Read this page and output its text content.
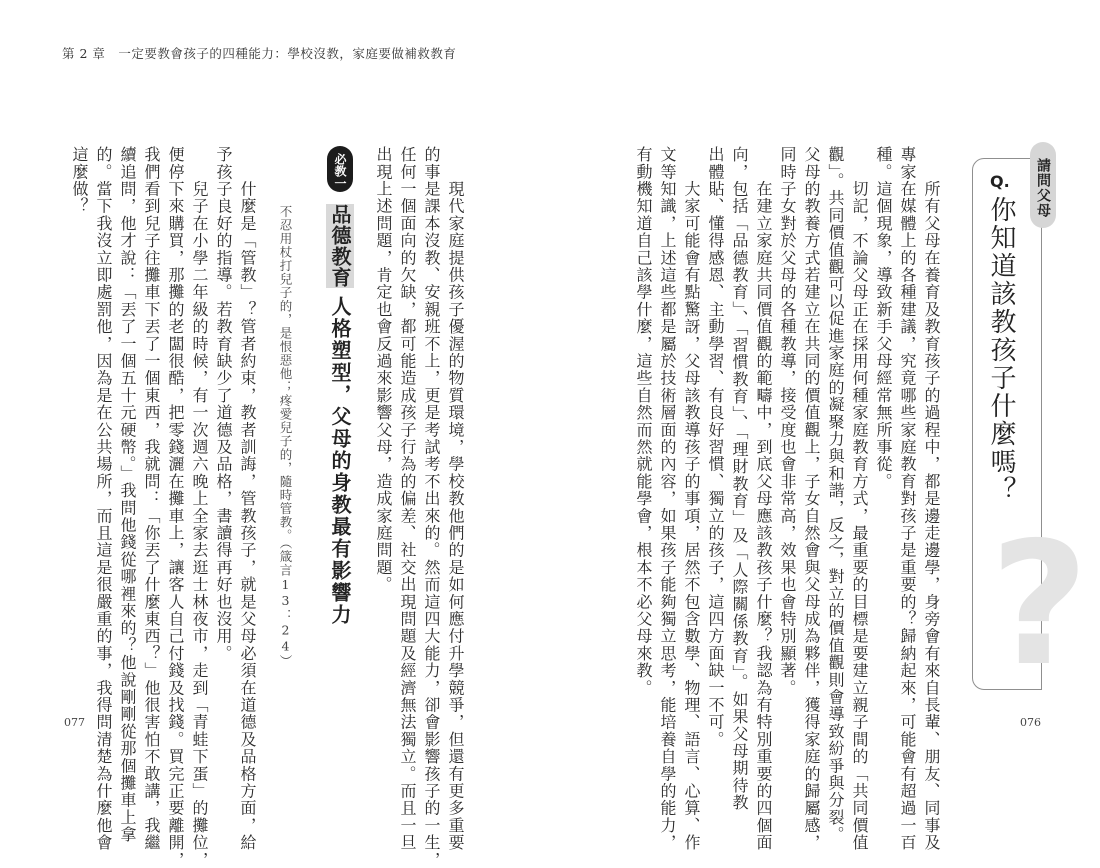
第 2 章　一定要教會孩子的四種能力：學校沒教，家庭要做補救教育
?
請問父母
Q.
你知道該教孩子什麼嗎？
　　所有父母在養育及教育孩子的過程中，都是邊走邊學，身旁會有來自長輩、朋友、同事及
專家在媒體上的各種建議，究竟哪些家庭教育對孩子是重要的？歸納起來，可能會有超過一百
種。這個現象，導致新手父母經常無所事從。
　　切記，不論父母正在採用何種家庭教育方式，最重要的目標是要建立親子間的「共同價值
觀」。共同價值觀可以促進家庭的凝聚力與和諧，反之，對立的價值觀則會導致紛爭與分裂。
父母的教養方式若建立在共同的價值觀上，子女自然會與父母成為夥伴，獲得家庭的歸屬感，
同時子女對於父母的各種教導，接受度也會非常高，效果也會特別顯著。
　　在建立家庭共同價值觀的範疇中，到底父母應該教孩子什麼？我認為有特別重要的四個面
向，包括「品德教育」、「習慣教育」、「理財教育」及「人際關係教育」。如果父母期待教
出體貼、懂得感恩、主動學習、有良好習慣、獨立的孩子，這四方面缺一不可。
　　大家可能會有點驚訝，父母該教導孩子的事項，居然不包含數學、物理、語言、心算、作
文等知識，上述這些都是屬於技術層面的內容，如果孩子能夠獨立思考，能培養自學的能力，
有動機知道自己該學什麼，這些自然而然就能學會，根本不必父母來教。
076
　　現代家庭提供孩子優渥的物質環境，學校教他們的是如何應付升學競爭，但還有更多重要
的事是課本沒教、安親班不上，更是考試考不出來的。然而這四大能力，卻會影響孩子的一生，
任何一個面向的欠缺，都可能造成孩子行為的偏差、社交出現問題及經濟無法獨立。而且一旦
出現上述問題，肯定也會反過來影響父母，造成家庭問題。
必教一
品德教育
人格塑型，父母的身教最有影響力
不忍用杖打兒子的，是恨惡他；疼愛兒子的，隨時管教。（箴言13：24）
　　什麼是「管教」？管者約束，教者訓誨，管教孩子，就是父母必須在道德及品格方面，給
予孩子良好的指導。若教育缺少了道德及品格，書讀得再好也沒用。
　　兒子在小學二年級的時候，有一次週六晚上全家去逛士林夜市，走到「青蛙下蛋」的攤位，
便停下來購買，那攤的老闆很酷，把零錢灑在攤車上，讓客人自己付錢及找錢。買完正要離開，
我們看到兒子往攤車下丟了一個東西，我就問：「你丟了什麼東西？」他很害怕不敢講，我繼
續追問，他才說：「丟了一個五十元硬幣。」我問他錢從哪裡來的？他說剛剛從那個攤車上拿
的。當下我沒立即處罰他，因為是在公共場所，而且這是很嚴重的事，我得問清楚為什麼他會
這麼做？
077
